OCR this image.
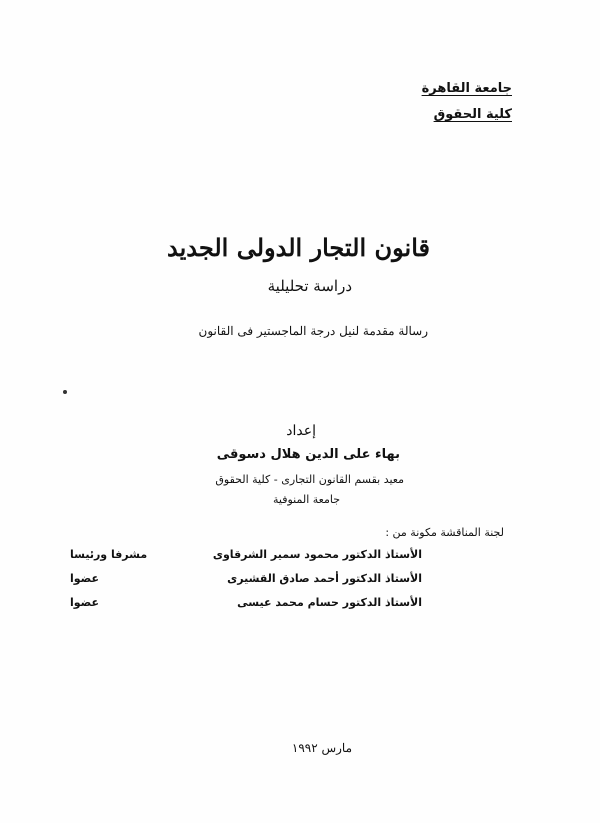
جامعة القاهرة
كلية الحقوق
قانون التجار الدولى الجديد
دراسة تحليلية
رسالة مقدمة لنيل درجة الماجستير فى القانون
إعداد
بهاء على الدين هلال دسوقى
معيد بقسم القانون التجارى - كلية الحقوق
جامعة المنوفية
لجنة المناقشة مكونة من :
الأستاذ الدكتور محمود سمير الشرقاوى
مشرفا ورئيسا
الأستاذ الدكتور أحمد صادق القشيرى
عضوا
الأستاذ الدكتور حسام محمد عيسى
عضوا
مارس ١٩٩٢
